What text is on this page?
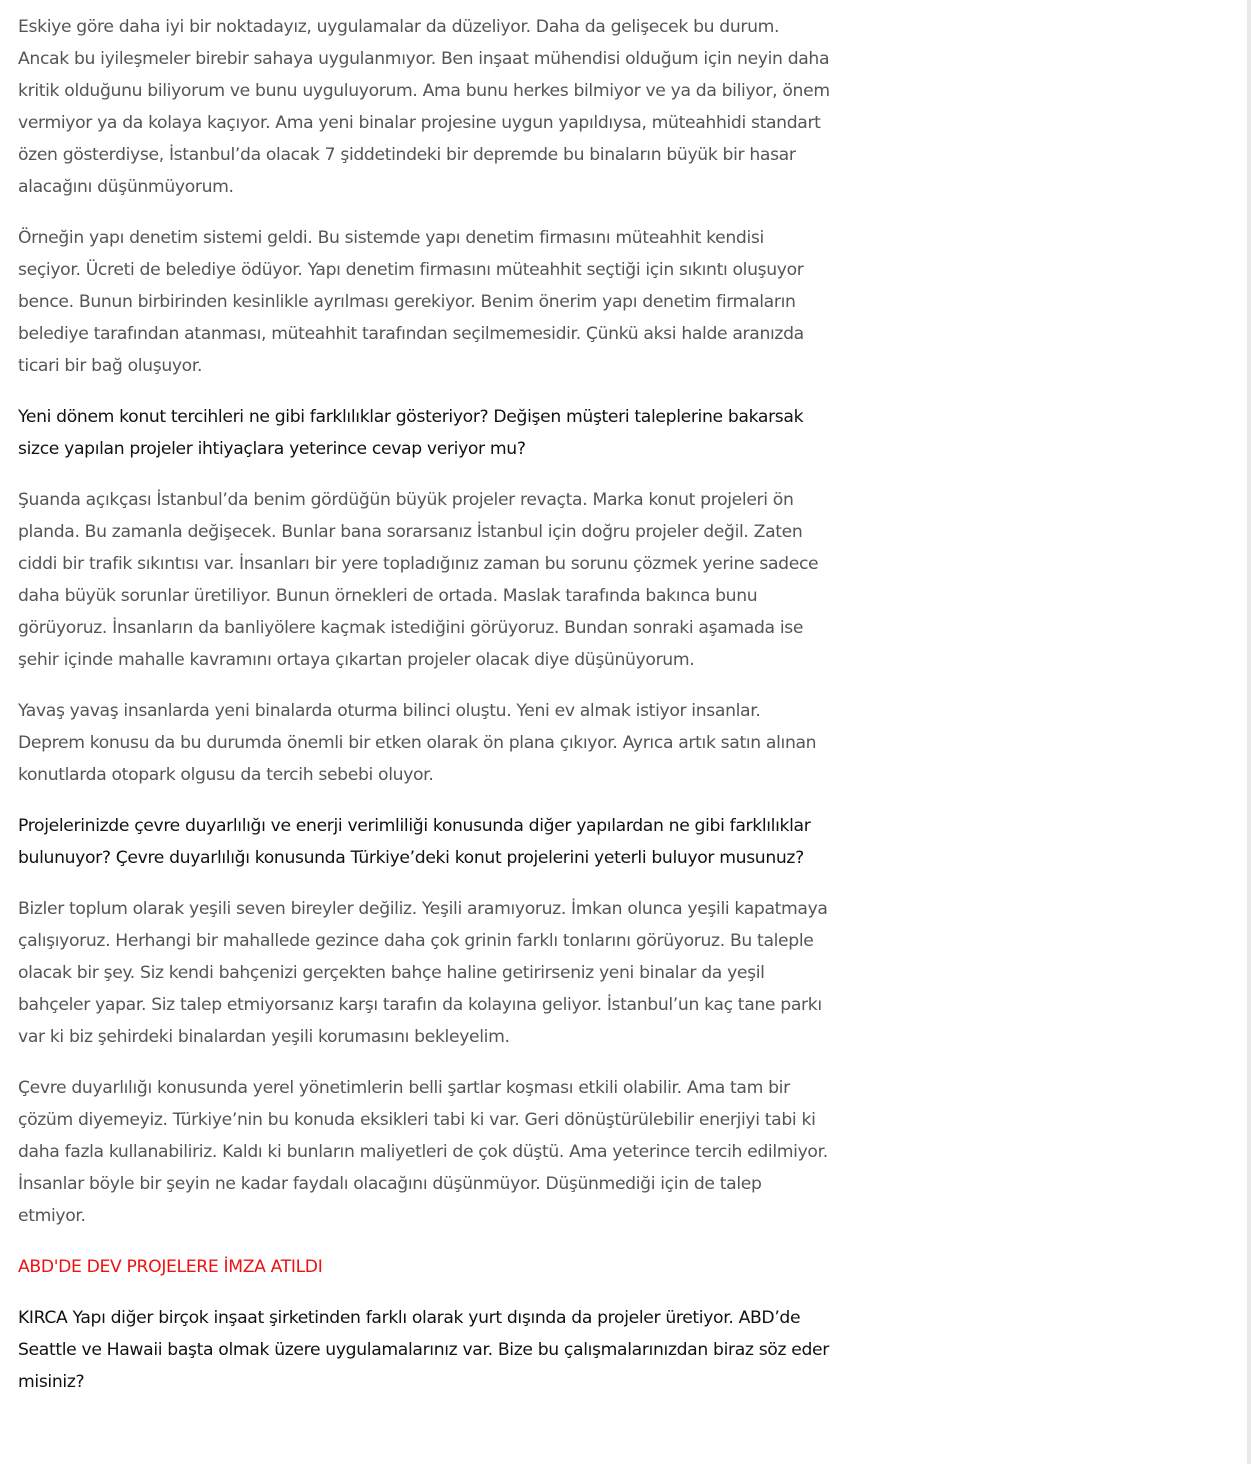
Eskiye göre daha iyi bir noktadayız, uygulamalar da düzeliyor. Daha da gelişecek bu durum. Ancak bu iyileşmeler birebir sahaya uygulanmıyor. Ben inşaat mühendisi olduğum için neyin daha kritik olduğunu biliyorum ve bunu uyguluyorum. Ama bunu herkes bilmiyor ve ya da biliyor, önem vermiyor ya da kolaya kaçıyor. Ama yeni binalar projesine uygun yapıldıysa, müteahhidi standart özen gösterdiyse, İstanbul’da olacak 7 şiddetindeki bir depremde bu binaların büyük bir hasar alacağını düşünmüyorum.

Örneğin yapı denetim sistemi geldi. Bu sistemde yapı denetim firmasını müteahhit kendisi seçiyor. Ücreti de belediye ödüyor. Yapı denetim firmasını müteahhit seçtiği için sıkıntı oluşuyor bence. Bunun birbirinden kesinlikle ayrılması gerekiyor. Benim önerim yapı denetim firmaların belediye tarafından atanması, müteahhit tarafından seçilmemesidir. Çünkü aksi halde aranızda ticari bir bağ oluşuyor.

Yeni dönem konut tercihleri ne gibi farklılıklar gösteriyor? Değişen müşteri taleplerine bakarsak sizce yapılan projeler ihtiyaçlara yeterince cevap veriyor mu?

Şuanda açıkçası İstanbul’da benim gördüğün büyük projeler revaçta. Marka konut projeleri ön planda. Bu zamanla değişecek. Bunlar bana sorarsanız İstanbul için doğru projeler değil. Zaten ciddi bir trafik sıkıntısı var. İnsanları bir yere topladığınız zaman bu sorunu çözmek yerine sadece daha büyük sorunlar üretiliyor. Bunun örnekleri de ortada. Maslak tarafında bakınca bunu görüyoruz. İnsanların da banliyölere kaçmak istediğini görüyoruz. Bundan sonraki aşamada ise şehir içinde mahalle kavramını ortaya çıkartan projeler olacak diye düşünüyorum.

Yavaş yavaş insanlarda yeni binalarda oturma bilinci oluştu. Yeni ev almak istiyor insanlar. Deprem konusu da bu durumda önemli bir etken olarak ön plana çıkıyor. Ayrıca artık satın alınan konutlarda otopark olgusu da tercih sebebi oluyor.

Projelerinizde çevre duyarlılığı ve enerji verimliliği konusunda diğer yapılardan ne gibi farklılıklar bulunuyor? Çevre duyarlılığı konusunda Türkiye’deki konut projelerini yeterli buluyor musunuz?

Bizler toplum olarak yeşili seven bireyler değiliz. Yeşili aramıyoruz. İmkan olunca yeşili kapatmaya çalışıyoruz. Herhangi bir mahallede gezince daha çok grinin farklı tonlarını görüyoruz. Bu taleple olacak bir şey. Siz kendi bahçenizi gerçekten bahçe haline getirirseniz yeni binalar da yeşil bahçeler yapar. Siz talep etmiyorsanız karşı tarafın da kolayına geliyor. İstanbul’un kaç tane parkı var ki biz şehirdeki binalardan yeşili korumasını bekleyelim.

Çevre duyarlılığı konusunda yerel yönetimlerin belli şartlar koşması etkili olabilir. Ama tam bir çözüm diyemeyiz. Türkiye’nin bu konuda eksikleri tabi ki var. Geri dönüştürülebilir enerjiyi tabi ki daha fazla kullanabiliriz. Kaldı ki bunların maliyetleri de çok düştü. Ama yeterince tercih edilmiyor. İnsanlar böyle bir şeyin ne kadar faydalı olacağını düşünmüyor. Düşünmediği için de talep etmiyor.

ABD'DE DEV PROJELERE İMZA ATILDI

KIRCA Yapı diğer birçok inşaat şirketinden farklı olarak yurt dışında da projeler üretiyor. ABD’de Seattle ve Hawaii başta olmak üzere uygulamalarınız var. Bize bu çalışmalarınızdan biraz söz eder misiniz?
